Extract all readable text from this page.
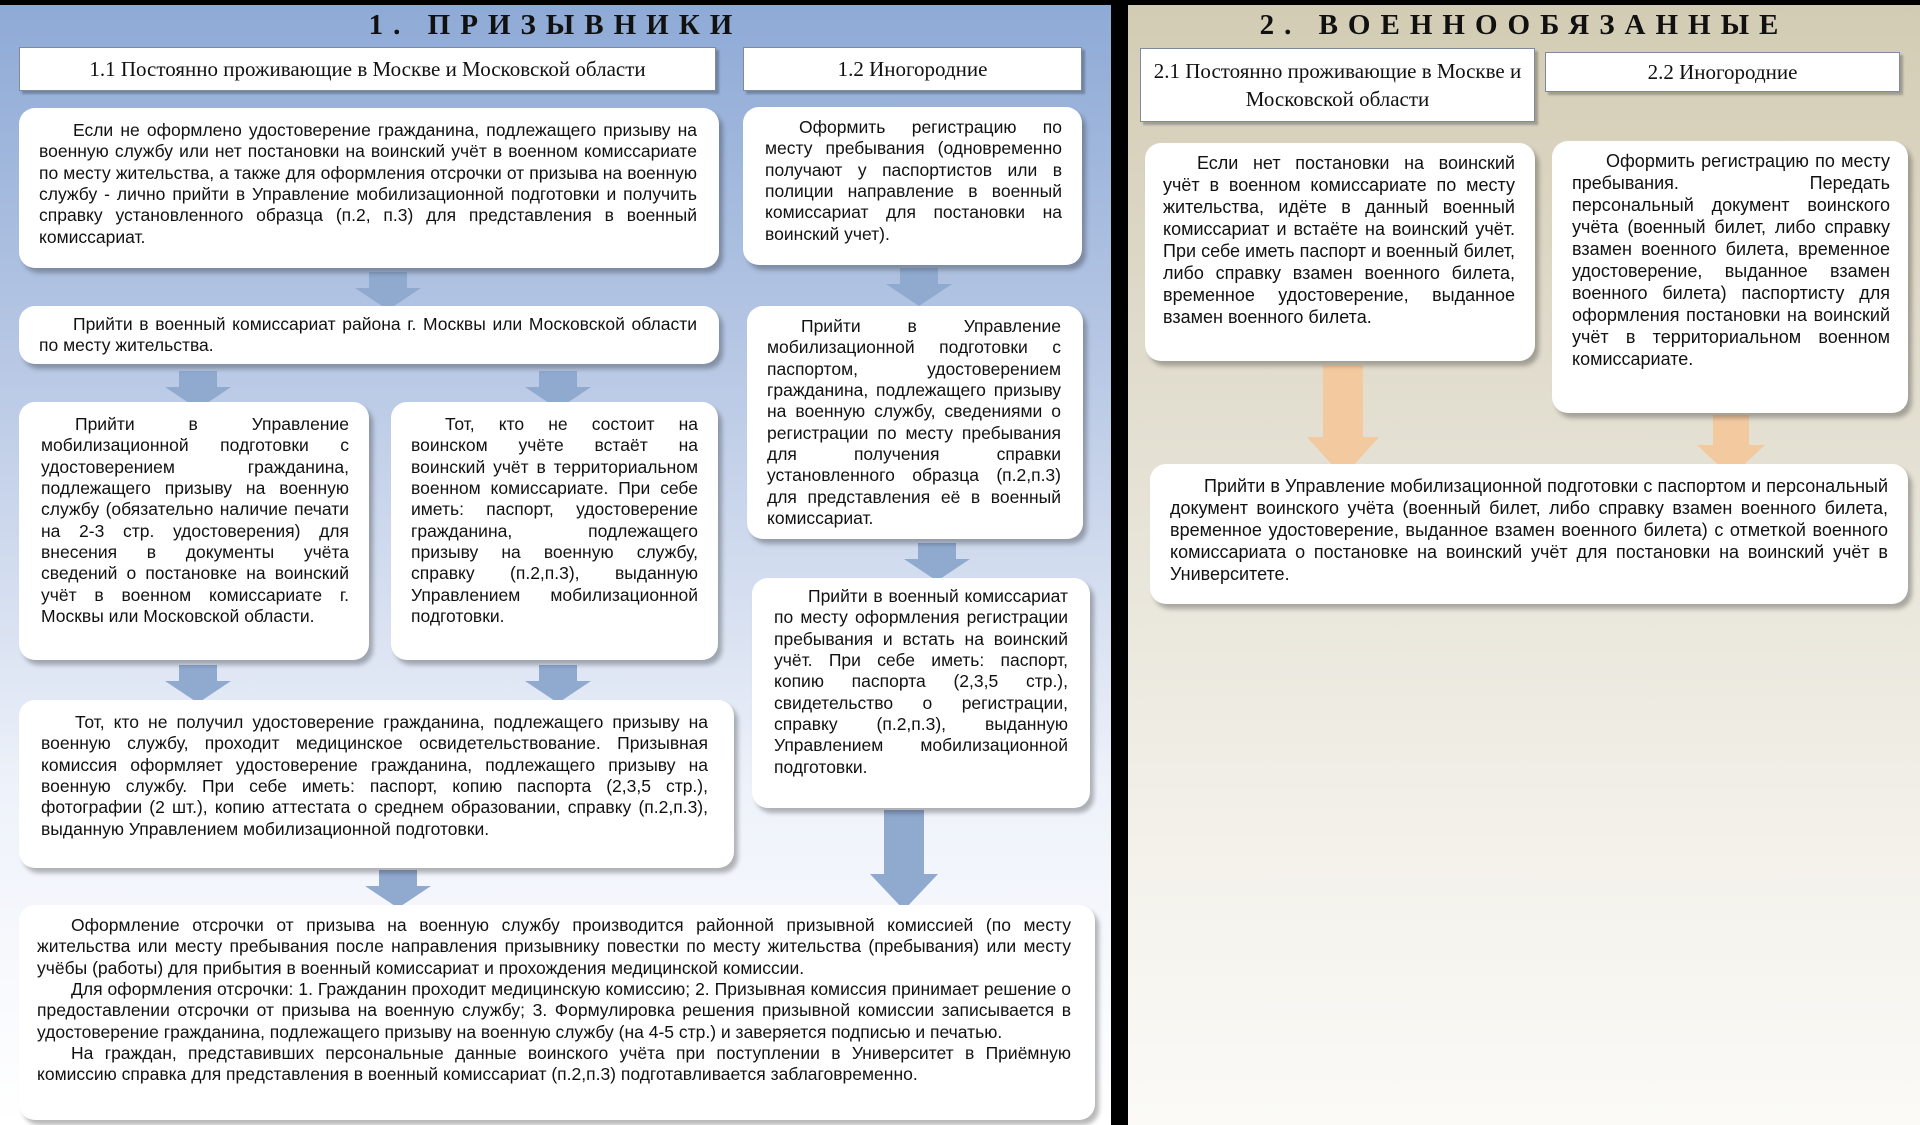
1. ПРИЗЫВНИКИ	2. ВОЕННООБЯЗАННЫЕ
1.1 Постоянно проживающие в Москве и Московской области	1.2 Иногородние	2.1 Постоянно проживающие в Москве и Московской области
2.2 Иногородние

Если не оформлено удостоверение гражданина, подлежащего призыву на военную службу или нет постановки на воинский учёт в военном комиссариате по месту жительства, а также для оформления отсрочки от призыва на военную службу - лично прийти в Управление мобилизационной подготовки и получить справку установленного образца (п.2, п.3) для представления в военный комиссариат.

Прийти в военный комиссариат района г. Москвы или Московской области по месту жительства.

Прийти в Управление мобилизационной подготовки с удостоверением гражданина, подлежащего призыву на военную службу (обязательно наличие печати на 2-3 стр. удостоверения) для внесения в документы учёта сведений о постановке на воинский учёт в военном комиссариате г. Москвы или Московской области.

Тот, кто не состоит на воинском учёте встаёт на воинский учёт в территориальном военном комиссариате. При себе иметь: паспорт, удостоверение гражданина, подлежащего призыву на военную службу, справку (п.2,п.3), выданную Управлением мобилизационной подготовки.

Тот, кто не получил удостоверение гражданина, подлежащего призыву на военную службу, проходит медицинское освидетельствование. Призывная комиссия оформляет удостоверение гражданина, подлежащего призыву на военную службу. При себе иметь: паспорт, копию паспорта (2,3,5 стр.), фотографии (2 шт.), копию аттестата о среднем образовании, справку (п.2,п.3), выданную Управлением мобилизационной подготовки.

Оформить регистрацию по месту пребывания (одновременно получают у паспортистов или в полиции направление в военный комиссариат для постановки на воинский учет).

Прийти в Управление мобилизационной подготовки с паспортом, удостоверением гражданина, подлежащего призыву на военную службу, сведениями о регистрации по месту пребывания для получения справки установленного образца (п.2,п.3) для представления её в военный комиссариат.

Прийти в военный комиссариат по месту оформления регистрации пребывания и встать на воинский учёт. При себе иметь: паспорт, копию паспорта (2,3,5 стр.), свидетельство о регистрации, справку (п.2,п.3), выданную Управлением мобилизационной подготовки.

Оформление отсрочки от призыва на военную службу производится районной призывной комиссией (по месту жительства или месту пребывания после направления призывнику повестки по месту жительства (пребывания) или месту учёбы (работы) для прибытия в военный комиссариат и прохождения медицинской комиссии.

Для оформления отсрочки: 1. Гражданин проходит медицинскую комиссию; 2. Призывная комиссия принимает решение о предоставлении отсрочки от призыва на военную службу; 3. Формулировка решения призывной комиссии записывается в удостоверение гражданина, подлежащего призыву на военную службу (на 4-5 стр.) и заверяется подписью и печатью.

На граждан, представивших персональные данные воинского учёта при поступлении в Университет в Приёмную комиссию справка для представления в военный комиссариат (п.2,п.3) подготавливается заблаговременно.

Если нет постановки на воинский учёт в военном комиссариате по месту жительства, идёте в данный военный комиссариат и встаёте на воинский учёт. При себе иметь паспорт и военный билет, либо справку взамен военного билета, временное удостоверение, выданное взамен военного билета.

Оформить регистрацию по месту пребывания. Передать персональный документ воинского учёта (военный билет, либо справку взамен военного билета, временное удостоверение, выданное взамен военного билета) паспортисту для оформления постановки на воинский учёт в территориальном военном комиссариате.

Прийти в Управление мобилизационной подготовки с паспортом и персональный документ воинского учёта (военный билет, либо справку взамен военного билета, временное удостоверение, выданное взамен военного билета) с отметкой военного комиссариата о постановке на воинский учёт для постановки на воинский учёт в Университете.
